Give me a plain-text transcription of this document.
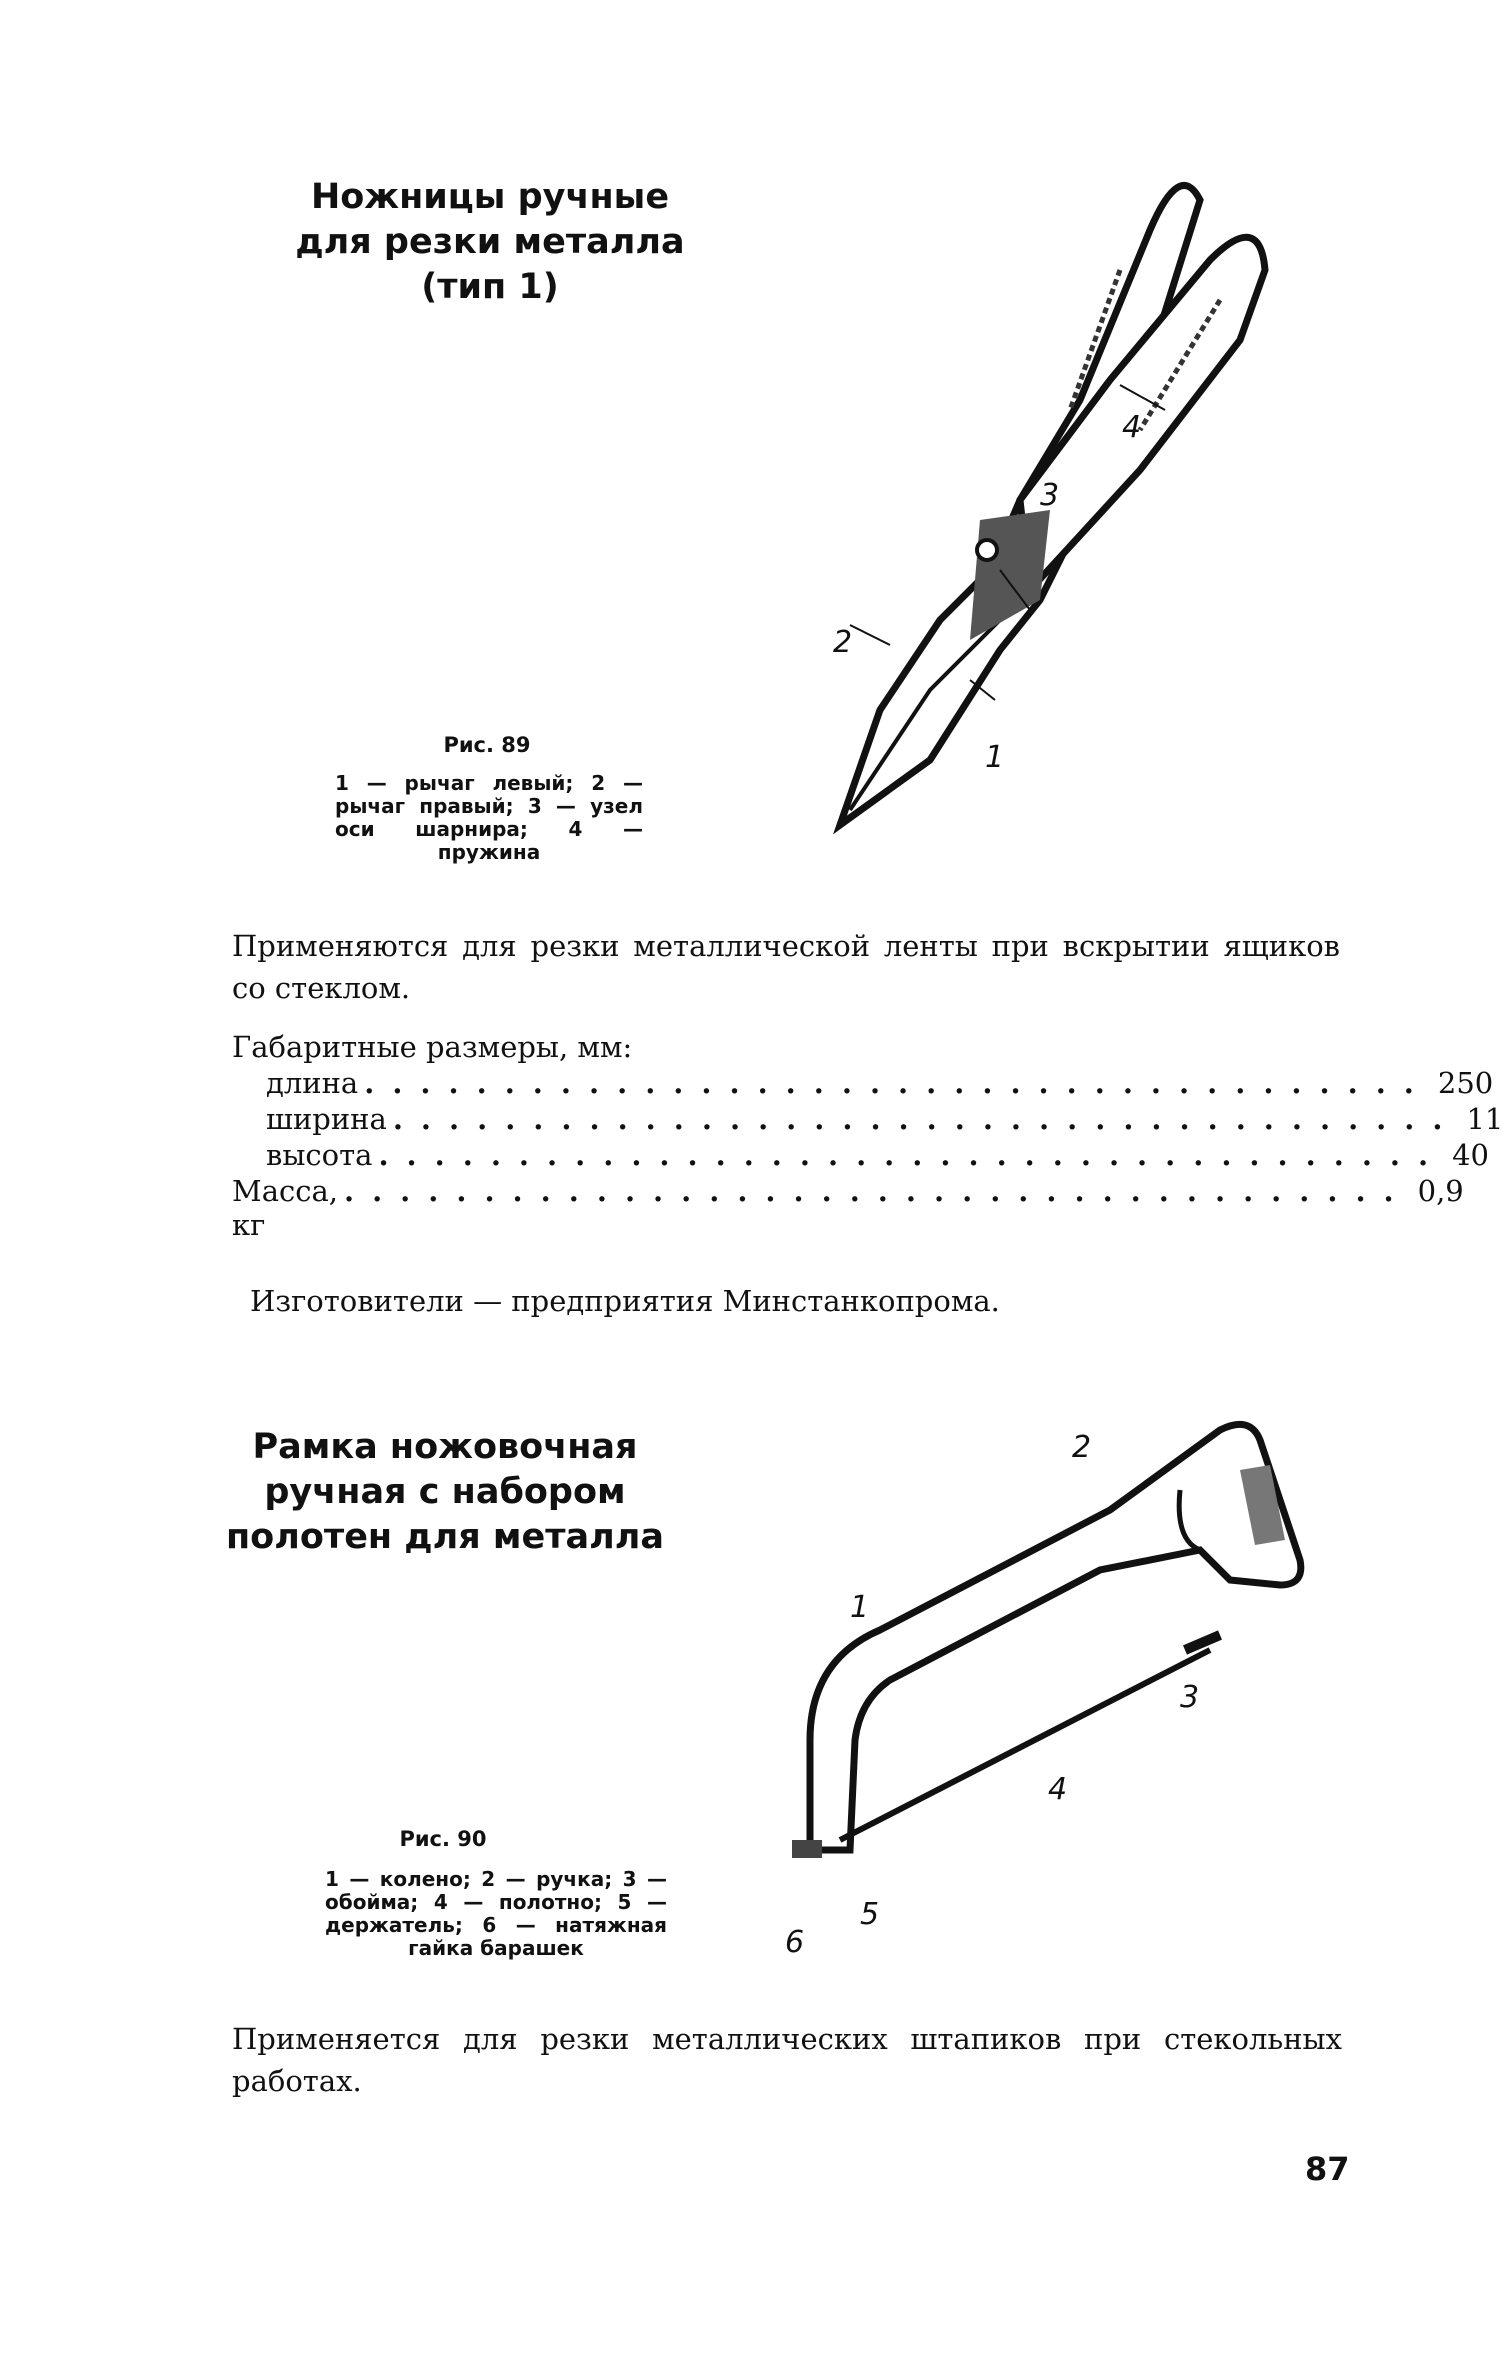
Ножницы ручные
для резки металла
(тип 1)
4
3
2
1
Рис. 89
1 — рычаг левый; 2 — рычаг правый; 3 — узел оси шарнира; 4 — пружина
Применяются для резки металлической ленты при вскрытии ящиков со стеклом.
Габаритные размеры, мм:
длина ...................................... 250
ширина ...................................... 11
высота ...................................... 40
Масса, кг
...................................... 0,9
Изготовители — предприятия Минстанкопрома.
Рамка ножовочная
ручная с набором
полотен для металла
2
1
3
4
5
6
Рис. 90
1 — колено; 2 — ручка; 3 — обойма; 4 — полотно; 5 — держатель; 6 — натяжная гайка барашек
Применяется для резки металлических штапиков при стекольных работах.
87
